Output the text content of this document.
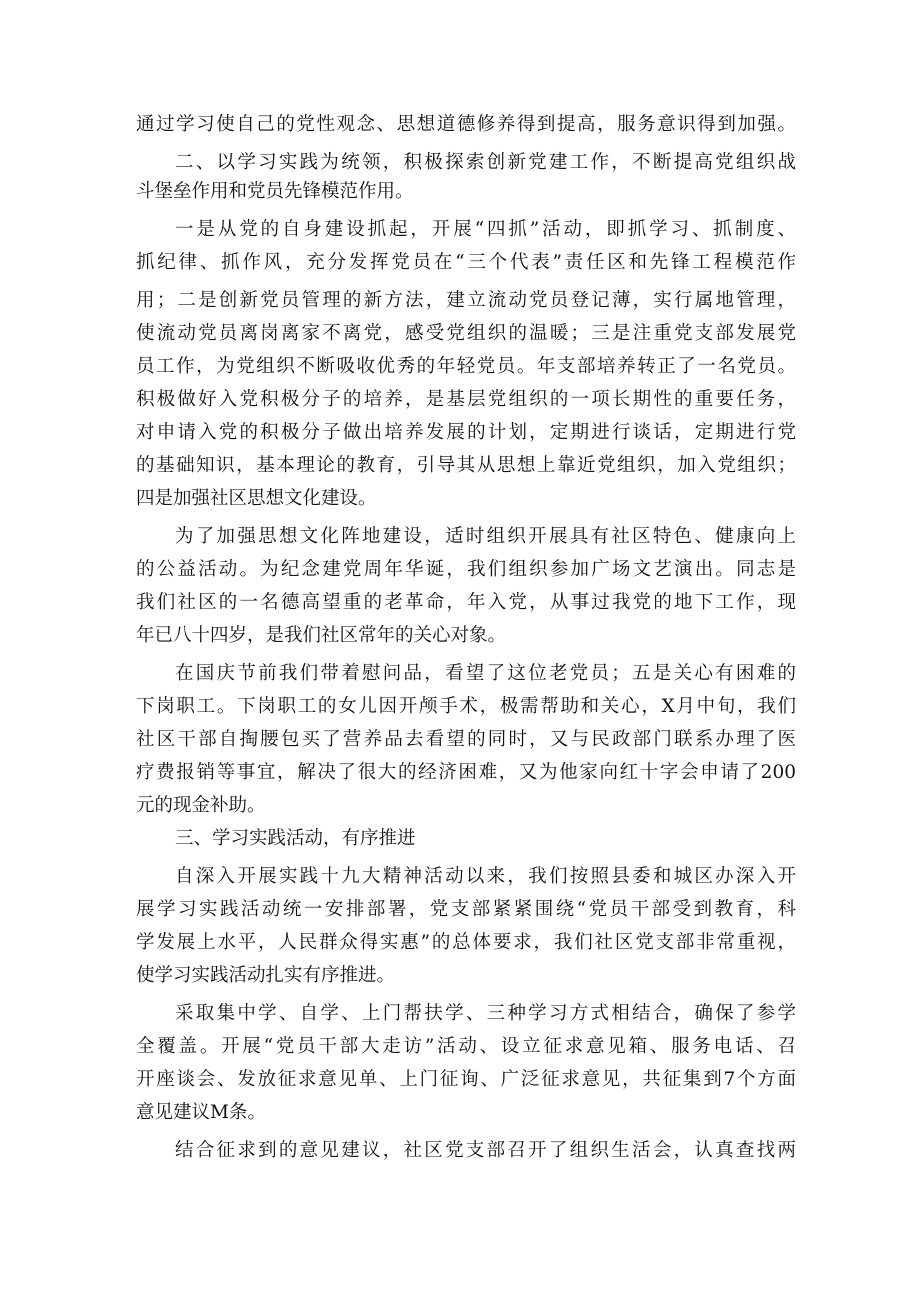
通过学习使自己的党性观念、思想道德修养得到提高，服务意识得到加强。
二、以学习实践为统领，积极探索创新党建工作，不断提高党组织战
斗堡垒作用和党员先锋模范作用。
一是从党的自身建设抓起，开展“四抓”活动，即抓学习、抓制度、
抓纪律、抓作风，充分发挥党员在“三个代表”责任区和先锋工程模范作
用；二是创新党员管理的新方法，建立流动党员登记薄，实行属地管理，
使流动党员离岗离家不离党，感受党组织的温暖；三是注重党支部发展党
员工作，为党组织不断吸收优秀的年轻党员。年支部培养转正了一名党员。
积极做好入党积极分子的培养，是基层党组织的一项长期性的重要任务，
对申请入党的积极分子做出培养发展的计划，定期进行谈话，定期进行党
的基础知识，基本理论的教育，引导其从思想上靠近党组织，加入党组织；
四是加强社区思想文化建设。
为了加强思想文化阵地建设，适时组织开展具有社区特色、健康向上
的公益活动。为纪念建党周年华诞，我们组织参加广场文艺演出。同志是
我们社区的一名德高望重的老革命，年入党，从事过我党的地下工作，现
年已八十四岁，是我们社区常年的关心对象。
在国庆节前我们带着慰问品，看望了这位老党员；五是关心有困难的
下岗职工。下岗职工的女儿因开颅手术，极需帮助和关心，X月中旬，我们
社区干部自掏腰包买了营养品去看望的同时，又与民政部门联系办理了医
疗费报销等事宜，解决了很大的经济困难，又为他家向红十字会申请了200
元的现金补助。
三、学习实践活动，有序推进
自深入开展实践十九大精神活动以来，我们按照县委和城区办深入开
展学习实践活动统一安排部署，党支部紧紧围绕“党员干部受到教育，科
学发展上水平，人民群众得实惠”的总体要求，我们社区党支部非常重视，
使学习实践活动扎实有序推进。
采取集中学、自学、上门帮扶学、三种学习方式相结合，确保了参学
全覆盖。开展“党员干部大走访”活动、设立征求意见箱、服务电话、召
开座谈会、发放征求意见单、上门征询、广泛征求意见，共征集到7个方面
意见建议M条。
结合征求到的意见建议，社区党支部召开了组织生活会，认真查找两
